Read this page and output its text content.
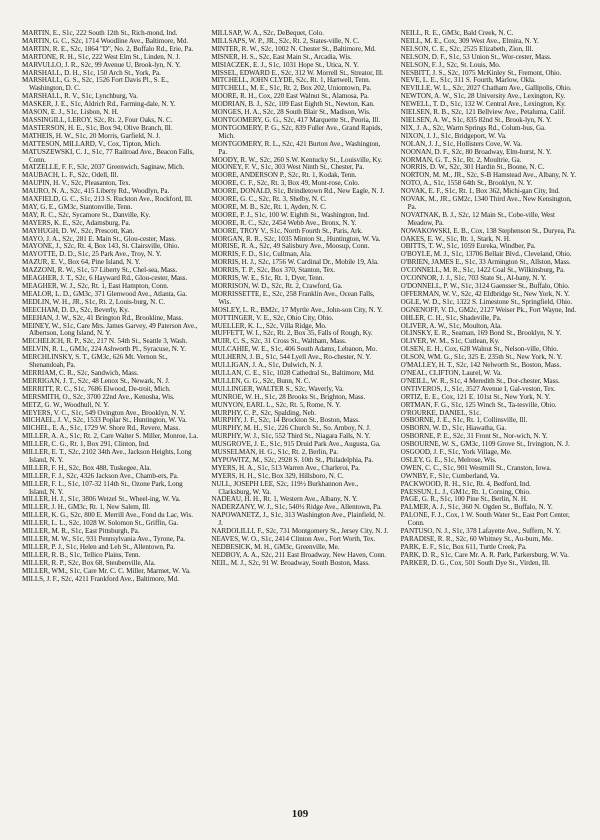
MARTIN, E., S1c, 222 South 12th St., Rich-mond, Ind.

MARTIN, G. C., S2c, 1714 Woodline Ave., Baltimore, Md.

MARTIN, R. E., S2c, 1864 "D", No. 2, Buffalo Rd., Erie, Pa.

MARTONE, R. H., S1c, 222 West Elm St., Linden, N. J.

MARVULLO, J. R., S2c, 99 Avenue U, Brook-lyn, N. Y.

MARSHALL, D. H., S1c, 150 Arch St., York, Pa.

MARSHALL, G. S., S2c, 1526 Fort Davis Pl., S. E., Washington, D. C.

MARSHALL, R. V., S1c, Lynchburg, Va.

MASKER, J. E., S1c, Aldrich Rd., Farming-dale, N. Y.

MASON, E. J., S1c, Lisbon, N. H.

MASSINGILL, LEROY, S2c, Rt. 2, Four Oaks, N. C.

MASTERSON, H. E., S1c, Box 94, Olive Branch, Ill.

MATHEIS, H. W., S1c, 20 Morris, Garfield, N. J.

MATTESON, MILLARD, V., Cox, Tipton, Mich.

MATUSZEWSKI, C. J., S1c, 77 Railroad Ave., Beacon Falls, Conn.

MATZELLE, F. F., S3c, 2037 Greenwich, Saginaw, Mich.

MAUBACH, L. F., S2c, Odell, Ill.

MAUPIN, H. V., S2c, Pleasanton, Tex.

MAURO, N. A., S2c, 415 Liberty Rd., Woodlyn, Pa.

MAXFIELD, G. C., S1c, 213 S. Ruckton Ave., Rockford, Ill.

MAY, G. E., GM3c, Stantonville, Tenn.

MAY, R. C., S2c, Sycamore St., Danville, Ky.

MAYERS, K. E., S2c, Adamsburg, Pa.

MAYHUGH, D. W., S2c, Prescott, Kan.

MAYO, J. A., S2c, 281 E. Main St., Glou-cester, Mass.

MAYONE, J., S2c, Rt. 4, Box 143, St. Clairsville, Ohio.

MAYOTTE, D. D., S1c, 25 Park Ave., Troy, N. Y.

MAZUR, E. V., Box 64, Pine Island, N. Y.

MAZZONI, R. W., S1c, 57 Liberty St., Chel-sea, Mass.

MEAGHER, J. T., S2c, 6 Hayward Rd., Glou-cester, Mass.

MEAGHER, W. J., S2c, Rt. 1, East Hampton, Conn.

MEALOR, L. D., GM3c, 371 Glenwood Ave., Atlanta, Ga.

MEDLIN, W. H., JR., S1c, Rt. 2, Louis-burg, N. C.

MEECHAM, D. D., S2c, Beverly, Ky.

MEEHAN, J. W., S2c, 41 Brington Rd., Brookline, Mass.

MEINEY, W., S1c, Care Mrs. James Garvey, 49 Paterson Ave., Albertson, Long Island, N. Y.

MECHELICH, R. P., S2c, 217 N. 54th St., Seattle 3, Wash.

MELVIN, R. L., GM3c, 224 Ashworth Pl., Syracuse, N. Y.

MERCHLINSKY, S. T., GM3c, 626 Mt. Vernon St., Shenandoah, Pa.

MERRIAM, C. R., S2c, Sandwich, Mass.

MERRIGAN, J. T., S2c, 48 Lenox St., Newark, N. J.

MERRITT, R. C., S1c, 7686 Elwood, De-troit, Mich.

MERSMITH, O., S2c, 3700 22nd Ave., Kenosha, Wis.

METZ, G. W., Woodhull, N. Y.

MEYERS, V. C., S1c, 549 Ovington Ave., Brooklyn, N. Y.

MICHAEL, J. V., S2c, 1533 Poplar St., Huntington, W. Va.

MICHEL, E. A., S1c, 1729 W. Shore Rd., Revere, Mass.

MILLER, A. A., S1c, Rt. 2, Care Walter S. Miller, Monroe, La.

MILLER, C. G., Rt. 1, Box 291, Clinton, Ind.

MILLER, E. T., S2c, 2102 34th Ave., Jackson Heights, Long Island, N. Y.

MILLER, F. H., S2c, Box 488, Tuskegee, Ala.

MILLER, F. J., S2c, 4326 Jackson Ave., Chamb-ers, Pa.

MILLER, F. L., S1c, 107-32 114th St., Ozone Park, Long Island, N. Y.

MILLER, H. J., S1c, 3806 Wetzel St., Wheel-ing, W. Va.

MILLER, J. H., GM3c, Rt. 1, New Salem, Ill.

MILLER, K. G., S2c, 800 E. Merrill Ave., Fond du Lac, Wis.

MILLER, L. L., S2c, 1028 W. Solomon St., Griffin, Ga.

MILLER, M. R., S1c, East Pittsburgh, Pa.

MILLER, M. W., S1c, 931 Pennsylvania Ave., Tyrone, Pa.

MILLER, P. J., S1c, Helen and Leh St., Allentown, Pa.

MILLER, R. B., S1c, Tellico Plains, Tenn.

MILLER, R. P., S2c, Box 68, Steubenville, Ala.

MILLER, WM., S1c, Care Mr. C. C. Miller, Marmet, W. Va.

MILLS, J. F., S2c, 4211 Frankford Ave., Baltimore, Md.

MILLSAP, W. A., S2c, DeBequet, Colo.

MILLSAPS, W. P., JR., S2c, Rt. 2, States-ville, N. C.

MINTER, R. W., S2c, 1002 N. Chester St., Baltimore, Md.

MISNER, H. S., S2c, East Main St., Arcadia, Wis.

MISIACZEK, E. J., S1c, 1031 Hope St., Utica, N. Y.

MISSEL, EDWARD E., S2c, 312 W. Morrell St., Streator, Ill.

MITCHELL, JOHN CLYDE, S2c, Rt. 1, Hartwell, Tenn.

MITCHELL, M. E., S1c, Rt. 2, Box 202, Uniontown, Pa.

MOORE, R. H., Cox, 220 East Walnut St., Alamosa, Pa.

MODRIAN, B. J., S2c, 109 East Eighth St., Newton, Kan.

MONGES, H. A., S2c, 28 South Blair St., Madison, Wis.

MONTGOMERY, G. G., S2c, 417 Marquette St., Peoria, Ill.

MONTGOMERY, P. G., S2c, 839 Fuller Ave., Grand Rapids, Mich.

MONTGOMERY, R. L., S2c, 421 Burton Ave., Washington, Pa.

MOODY, R. W., S2c, 260 S.W. Kentucky St., Louisville, Ky.

MOONEY, F. V., S1c, 303 West Ninth St., Chester, Pa.

MOORE, ANDERSON P., S2c, Rt. 1, Kodak, Tenn.

MOORE, C. F., S2c, Rt. 3, Box 49, Mont-rose, Colo.

MOORE, DONALD, S1c, Brindletown Rd., New Eagle, N. J.

MOORE, G. C., S2c, Rt. 3, Shelby, N. C.

MOORE, M. B., S2c, Rt. 1, Ayden, N. C.

MOORE, P. J., S1c, 100 W. Eighth St., Washington, Ind.

MOORE, R. C., S2c, 2454 Webb Ave., Bronx, N. Y.

MOORE, TROY V., S1c, North Fourth St., Paris, Ark.

MORGAN, R. R., S2c, 1035 Minton St., Huntington, W. Va.

MORISE, R. A., S2c, 49 Salisbury Ave., Moosup, Conn.

MORRIS, F. D., S1c, Cullman, Ala.

MORRIS, H. J., S2c, 1756 W. Cardinal Dr., Mobile 19, Ala.

MORRIS, T. P., S2c, Box 370, Stanton, Tex.

MORRIS, W. E., S1c, Rt. 1, Dyer, Tenn.

MORRISON, W. D., S2c, Rt. 2, Crawford, Ga.

MORRISSETTE, E., S2c, 258 Franklin Ave., Ocean Falls, Wis.

MOSLEY, L. R., BM2c, 17 Myrtle Ave., John-son City, N. Y.

MOTTINGER, V. E., S2c, Ohio City, Ohio.

MUELLER, K. L., S2c, Villa Ridge, Mo.

MUFFETT, W. I., S2c, Rt. 2, Box 35, Falls of Rough, Ky.

MUIR, C. S., S2c, 31 Cross St., Waltham, Mass.

MULCAHIE, W. E., S1c, 406 South Adams, Lebanon, Mo.

MULHERN, J. B., S1c, 544 Lyell Ave., Ro-chester, N. Y.

MULLIGAN, J. A., S1c, Dulwich, N. J.

MULLAN, C. E., S1c, 1028 Cathedral St., Baltimore, Md.

MULLEN, G. G., S2c, Bunn, N. C.

MULLINGER, WALTER S., S2c, Waverly, Va.

MUNROE, W. H., S1c, 28 Brooks St., Brighton, Mass.

MUNYON, EARL L., S2c, Rt. 5, Rome, N. Y.

MURPHY, C. P., S2c, Spalding, Neb.

MURPHY, J. F., S2c, 14 Brockton St., Boston, Mass.

MURPHY, M. H., S1c, 226 Church St., So. Amboy, N. J.

MURPHY, W. J., S1c, 552 Third St., Niagara Falls, N. Y.

MUSGROVE, J. E., S1c, 915 Druid Park Ave., Augusta, Ga.

MUSSELMAN, H. G., S1c, Rt. 2, Berlin, Pa.

MYPOWITZ, M., S2c, 2928 S. 10th St., Philadelphia, Pa.

MYERS, H. A., S1c, 513 Warren Ave., Charleroi, Pa.

MYERS, H. H., S1c, Box 329, Hillsboro, N. C.

NULL, JOSEPH LEE, S2c, 119½ Burkhannon Ave., Clarksburg, W. Va.

NADEAU, H. H., Rt. 1, Western Ave., Albany, N. Y.

NADERZANY, W. J., S1c, 540½ Ridge Ave., Allentown, Pa.

NAPOWANETZ, J., S1c, 313 Washington Ave., Plainfield, N. J.

NARDOLILLI, F., S2c, 731 Montgomery St., Jersey City, N. J.

NEAVES, W. O., S1c, 2414 Clinton Ave., Fort Worth, Tex.

NEDBESICK, M. H., GM3c, Greenville, Me.

NEDBOY, A. A., S2c, 211 East Broadway, New Haven, Conn.

NEIL, M. J., S2c, 91 W. Broadway, South Boston, Mass.

NEILL, R. E., GM3c, Bald Creek, N. C.

NEILL, M. E., Cox, 309 West Ave., Elmira, N. Y.

NELSON, C. E., S2c, 2525 Elizabeth, Zion, Ill.

NELSON, D. F., S1c, 53 Union St., Wor-cester, Mass.

NELSON, F. J., S2c, St. Louis, Mo.

NESBITT, J. S., S2c, 1075 McKinley St., Fremont, Ohio.

NEVE, L. E., S1c, 311 S. Fourth, Marlow, Okla.

NEVILLE, W. L., S2c, 2027 Chatham Ave., Gallipolis, Ohio.

NEWTON, A. W., S1c, 28 University Ave., Lexington, Ky.

NEWELL, T. D., S1c, 132 W. Central Ave., Lexington, Ky.

NIELSEN, R. B., S2c, 121 Bellview Ave., Petaluma, Calif.

NIELSEN, A. W., S1c, 835 82nd St., Brook-lyn, N. Y.

NIX, J. A., S2c, Warm Springs Rd., Colum-bus, Ga.

NIXON, J. J., S1c, Bridgeport, W. Va.

NOLAN, J. J., S1c, Hollisters Cove, W. Va.

NOONAN, D. F., S2c, 80 Broadway, Elm-hurst, N. Y.

NORMAN, G. T., S1c, Rt. 2, Moultrie, Ga.

NORRIS, D. W., S2c, 301 Hardin St., Boone, N. C.

NORTON, M. M., JR., S2c, S-B Hamstead Ave., Albany, N. Y.

NOTO, A., S1c, 1558 64th St., Brooklyn, N. Y.

NOVAK, E. F., S1c, Rt. 1, Box 362, Michi-gan City, Ind.

NOVAK, M., JR., GM2c, 1340 Third Ave., New Kensington, Pa.

NOVATNAK, B. J., S2c, 12 Main St., Cobe-ville, West Meadow, Pa.

NOWAKOWSKI, E. B., Cox, 138 Stephenson St., Duryea, Pa.

OAKES, E. W., S1c, Rt. 1, Stark, N. H.

OBITTS, T. W., S1c, 1059 Eureka, Windber, Pa.

O'BOYLE, M. J., S1c, 13706 Bellair Blvd., Cleveland, Ohio.

O'BRIEN, JAMES E., S1c, 33 Armington St., Allston, Mass.

O'CONNELL, M. R., S1c, 1422 Coal St., Wilkinsburg, Pa.

O'CONNOR, J. J., S1c, 703 State St., Al-bany, N. Y.

O'DONNELL, P. W., S1c, 3124 Gaensser St., Buffalo, Ohio.

OFFERMAN, W. V., S2c, 42 Eldbridge St., New York, N. Y.

OGLE, W. D., S1c, 1322 S. Limestone St., Springfield, Ohio.

OGNENOFF, V. D., GM2c, 2127 Weiser Pk., Fort Wayne, Ind.

OHLER, C. H., S1c, Shadeville, Pa.

OLIVER, A. W., S1c, Moulton, Ala.

OLINSKY, E. R., Seaman, 169 Bond St., Brooklyn, N. Y.

OLIVER, W. M., S1c, Cutlean, Ky.

OLSEN, E. H., Cox, 628 Walnut St., Nelson-ville, Ohio.

OLSON, WM. G., S1c, 325 E. 235th St., New York, N. Y.

O'MALLEY, H. T., S2c, 142 Nelworth St., Boston, Mass.

O'NEAL, CLIFTON, Laurel, W. Va.

O'NEILL, W. R., S1c, 4 Meredith St., Dor-chester, Mass.

ONTIVEROS, J., S1c, 3527 Avenue I, Gal-veston, Tex.

ORTIZ, E. E., Cox, 121 E. 101st St., New York, N. Y.

ORTMAN, F. G., S1c, 125 Winch St., Ta-tesville, Ohio.

O'ROURKE, DANIEL, S1c.

OSBORNE, J. E., S1c, Rt. 1, Collinsville, Ill.

OSBORN, W. D., S1c, Hiawatha, Ga.

OSBORNE, P. E., S2c, 31 Front St., Nor-wich, N. Y.

OSBOURNE, W. S., GM3c, 1109 Grove St., Irvington, N. J.

OSGOOD, J. F., S1c, York Village, Me.

OSLEY, G. E., S1c, Melrose, Wis.

OWEN, C. C., S1c, 901 Westmill St., Cranston, Iowa.

OWNBY, F., S1c, Cumberland, Va.

PACKWOOD, R. H., S1c, Rt. 4, Bedford, Ind.

PAESSUN, L. J., GM1c, Rt. 1, Corning, Ohio.

PAGE, G. R., S1c, 100 Pine St., Berlin, N. H.

PALMER, A. J., S1c, 360 N. Ogden St., Buffalo, N. Y.

PALONE, F. J., Cox, 1 W. South Water St., East Port Center, Conn.

PANTUSO, N. J., S1c, 378 Lafayette Ave., Suffern, N. Y.

PARADISE, R. R., S2c, 60 Whitney St., Au-burn, Me.

PARK, E. F., S1c, Box 611, Turtle Creek, Pa.

PARK, D. R., S1c, Care Mr. A. R. Park, Parkersburg, W. Va.

PARKER, D. G., Cox, 501 South Dye St., Virden, Ill.

109
